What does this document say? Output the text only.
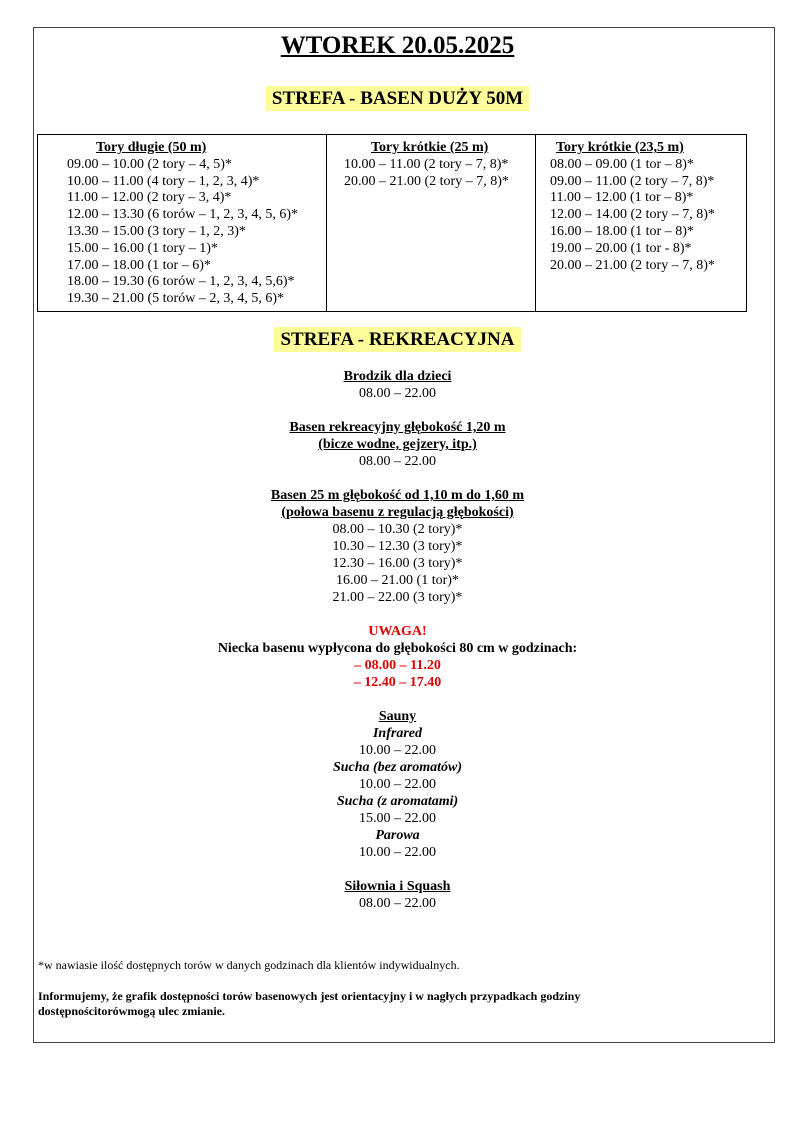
WTOREK 20.05.2025
STREFA - BASEN DUŻY 50M
Tory długie (50 m)
09.00 – 10.00 (2 tory – 4, 5)*
10.00 – 11.00 (4 tory – 1, 2, 3, 4)*
11.00 – 12.00 (2 tory – 3, 4)*
12.00 – 13.30 (6 torów – 1, 2, 3, 4, 5, 6)*
13.30 – 15.00 (3 tory – 1, 2, 3)*
15.00 – 16.00 (1 tory – 1)*
17.00 – 18.00 (1 tor – 6)*
18.00 – 19.30 (6 torów – 1, 2, 3, 4, 5,6)*
19.30 – 21.00 (5 torów – 2, 3, 4, 5, 6)*

Tory krótkie (25 m)
10.00 – 11.00 (2 tory – 7, 8)*
20.00 – 21.00 (2 tory – 7, 8)*

Tory krótkie (23,5 m)
08.00 – 09.00 (1 tor – 8)*
09.00 – 11.00 (2 tory – 7, 8)*
11.00 – 12.00 (1 tor – 8)*
12.00 – 14.00 (2 tory – 7, 8)*
16.00 – 18.00 (1 tor – 8)*
19.00 – 20.00 (1 tor - 8)*
20.00 – 21.00 (2 tory – 7, 8)*
STREFA - REKREACYJNA
Brodzik dla dzieci
08.00 – 22.00
Basen rekreacyjny głębokość 1,20 m
(bicze wodne, gejzery, itp.)
08.00 – 22.00
Basen 25 m głębokość od 1,10 m do 1,60 m
(połowa basenu z regulacją głębokości)
08.00 – 10.30 (2 tory)*
10.30 – 12.30 (3 tory)*
12.30 – 16.00 (3 tory)*
16.00 – 21.00 (1 tor)*
21.00 – 22.00 (3 tory)*
UWAGA!
Niecka basenu wypłycona do głębokości 80 cm w godzinach:
– 08.00 – 11.20
– 12.40 – 17.40
Sauny
Infrared
10.00 – 22.00
Sucha (bez aromatów)
10.00 – 22.00
Sucha (z aromatami)
15.00 – 22.00
Parowa
10.00 – 22.00
Siłownia i Squash
08.00 – 22.00
*w nawiasie ilość dostępnych torów w danych godzinach dla klientów indywidualnych.
Informujemy, że grafik dostępności torów basenowych jest orientacyjny i w nagłych przypadkach godziny
dostępnościtorówmogą ulec zmianie.
